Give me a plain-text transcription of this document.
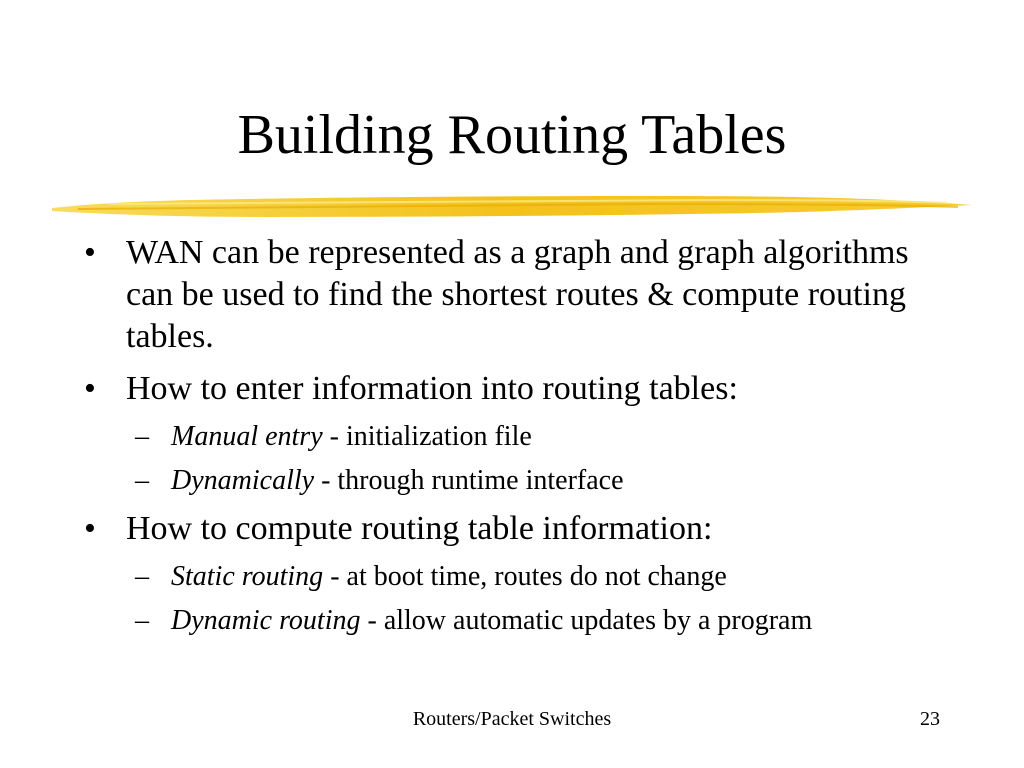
Building Routing Tables
• WAN can be represented as a graph and graph algorithms can be used to find the shortest routes & compute routing tables.
• How to enter information into routing tables:
– Manual entry - initialization file
– Dynamically - through runtime interface
• How to compute routing table information:
– Static routing - at boot time, routes do not change
– Dynamic routing - allow automatic updates by a program
Routers/Packet Switches	23
